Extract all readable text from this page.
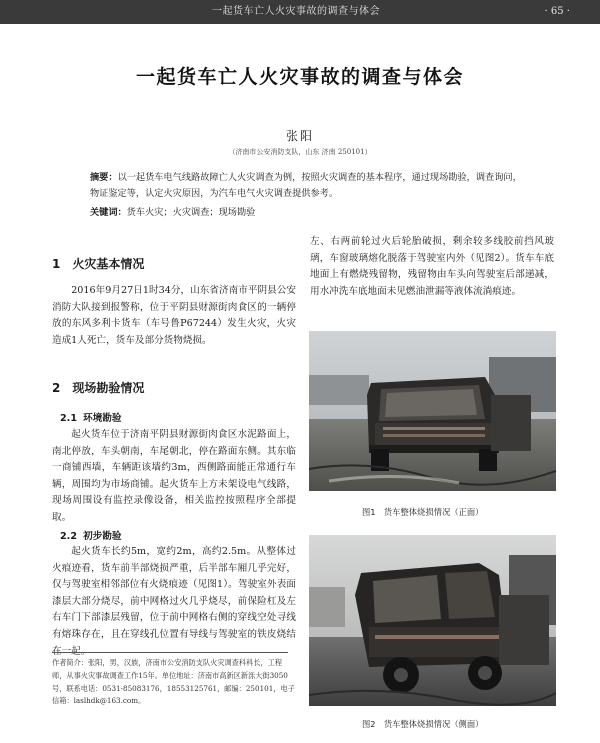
一起货车亡人火灾事故的调查与体会	· 65 ·
一起货车亡人火灾事故的调查与体会
张阳
（济南市公安消防支队，山东 济南 250101）
摘要：以一起货车电气线路故障亡人火灾调查为例，按照火灾调查的基本程序，通过现场勘验，调查询问，物证鉴定等，认定火灾原因，为汽车电气火灾调查提供参考。
关键词：货车火灾；火灾调查；现场勘验
1　火灾基本情况

2016年9月27日1时34分，山东省济南市平阴县公安消防大队接到报警称，位于平阴县财源街肉食区的一辆停放的东风多利卡货车（车号鲁P67244）发生火灾，火灾造成1人死亡，货车及部分货物烧损。

2　现场勘验情况
2.1 环境勘验

起火货车位于济南平阴县财源街肉食区水泥路面上，南北停放，车头朝南，车尾朝北，停在路面东侧。其东临一商铺西墙，车辆距该墙约3m，西侧路面能正常通行车辆，周围均为市场商铺。起火货车上方未架设电气线路，现场周围设有监控录像设备，相关监控按照程序全部提取。

2.2 初步勘验

起火货车长约5m，宽约2m，高约2.5m。从整体过火痕迹看，货车前半部烧损严重，后半部车厢几乎完好，仅与驾驶室相邻部位有火烧痕迹（见图1）。驾驶室外表面漆层大部分烧尽，前中网格过火几乎烧尽，前保险杠及左右车门下部漆层残留，位于前中网格右侧的穿线空处寻线有熔珠存在，且在穿线孔位置有导线与驾驶室的铁皮烧结在一起。

作者简介：张阳，男，汉族，济南市公安消防支队火灾调查科科长，工程师，从事火灾事故调查工作15年。单位地址：济南市高新区新泺大街3050号，联系电话：0531-85083176，18553125761，邮编：250101，电子信箱：laslhdk@163.com。

左、右两前轮过火后轮胎破损，剩余较多线胶前挡风玻璃，车窗玻璃熔化脱落于驾驶室内外（见图2）。货车车底地面上有燃烧残留物，残留物由车头向驾驶室后部递减，用水冲洗车底地面未见燃油泄漏等液体流淌痕迹。

图1　货车整体烧损情况（正面）
图2　货车整体烧损情况（侧面）
